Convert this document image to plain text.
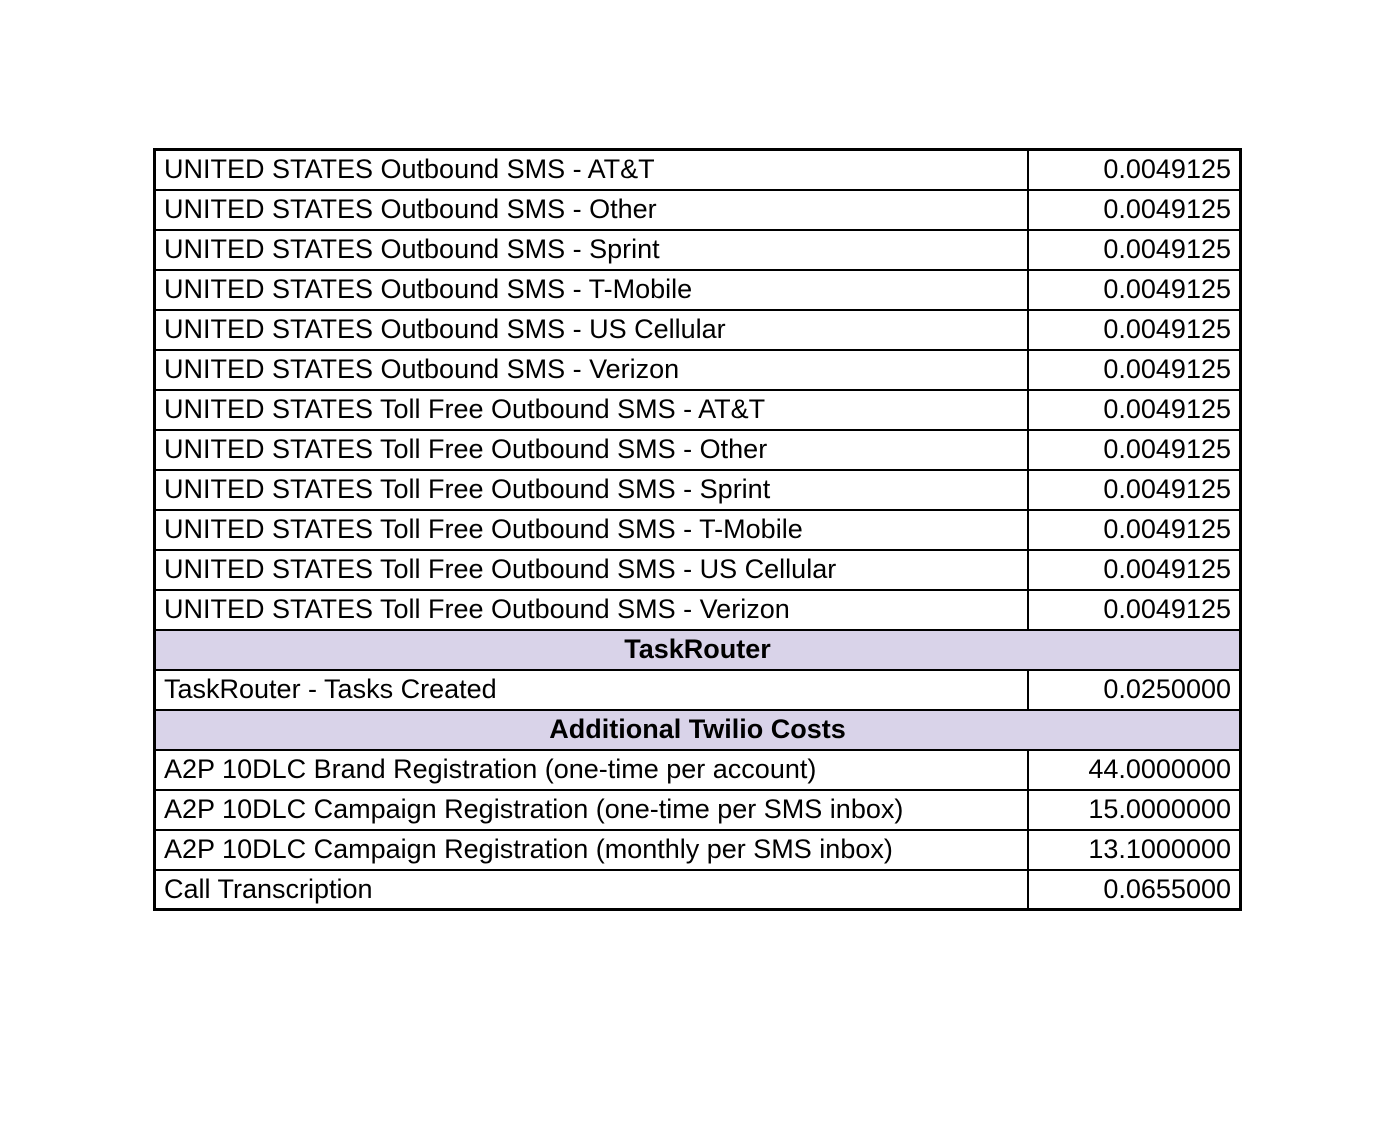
UNITED STATES Outbound SMS - AT&T	0.0049125
UNITED STATES Outbound SMS - Other	0.0049125
UNITED STATES Outbound SMS - Sprint	0.0049125
UNITED STATES Outbound SMS - T-Mobile	0.0049125
UNITED STATES Outbound SMS - US Cellular	0.0049125
UNITED STATES Outbound SMS - Verizon	0.0049125
UNITED STATES Toll Free Outbound SMS - AT&T	0.0049125
UNITED STATES Toll Free Outbound SMS - Other	0.0049125
UNITED STATES Toll Free Outbound SMS - Sprint	0.0049125
UNITED STATES Toll Free Outbound SMS - T-Mobile	0.0049125
UNITED STATES Toll Free Outbound SMS - US Cellular	0.0049125
UNITED STATES Toll Free Outbound SMS - Verizon	0.0049125
TaskRouter	
TaskRouter - Tasks Created	0.0250000
Additional Twilio Costs	
A2P 10DLC Brand Registration (one-time per account)	44.0000000
A2P 10DLC Campaign Registration (one-time per SMS inbox)	15.0000000
A2P 10DLC Campaign Registration (monthly per SMS inbox)	13.1000000
Call Transcription	0.0655000
